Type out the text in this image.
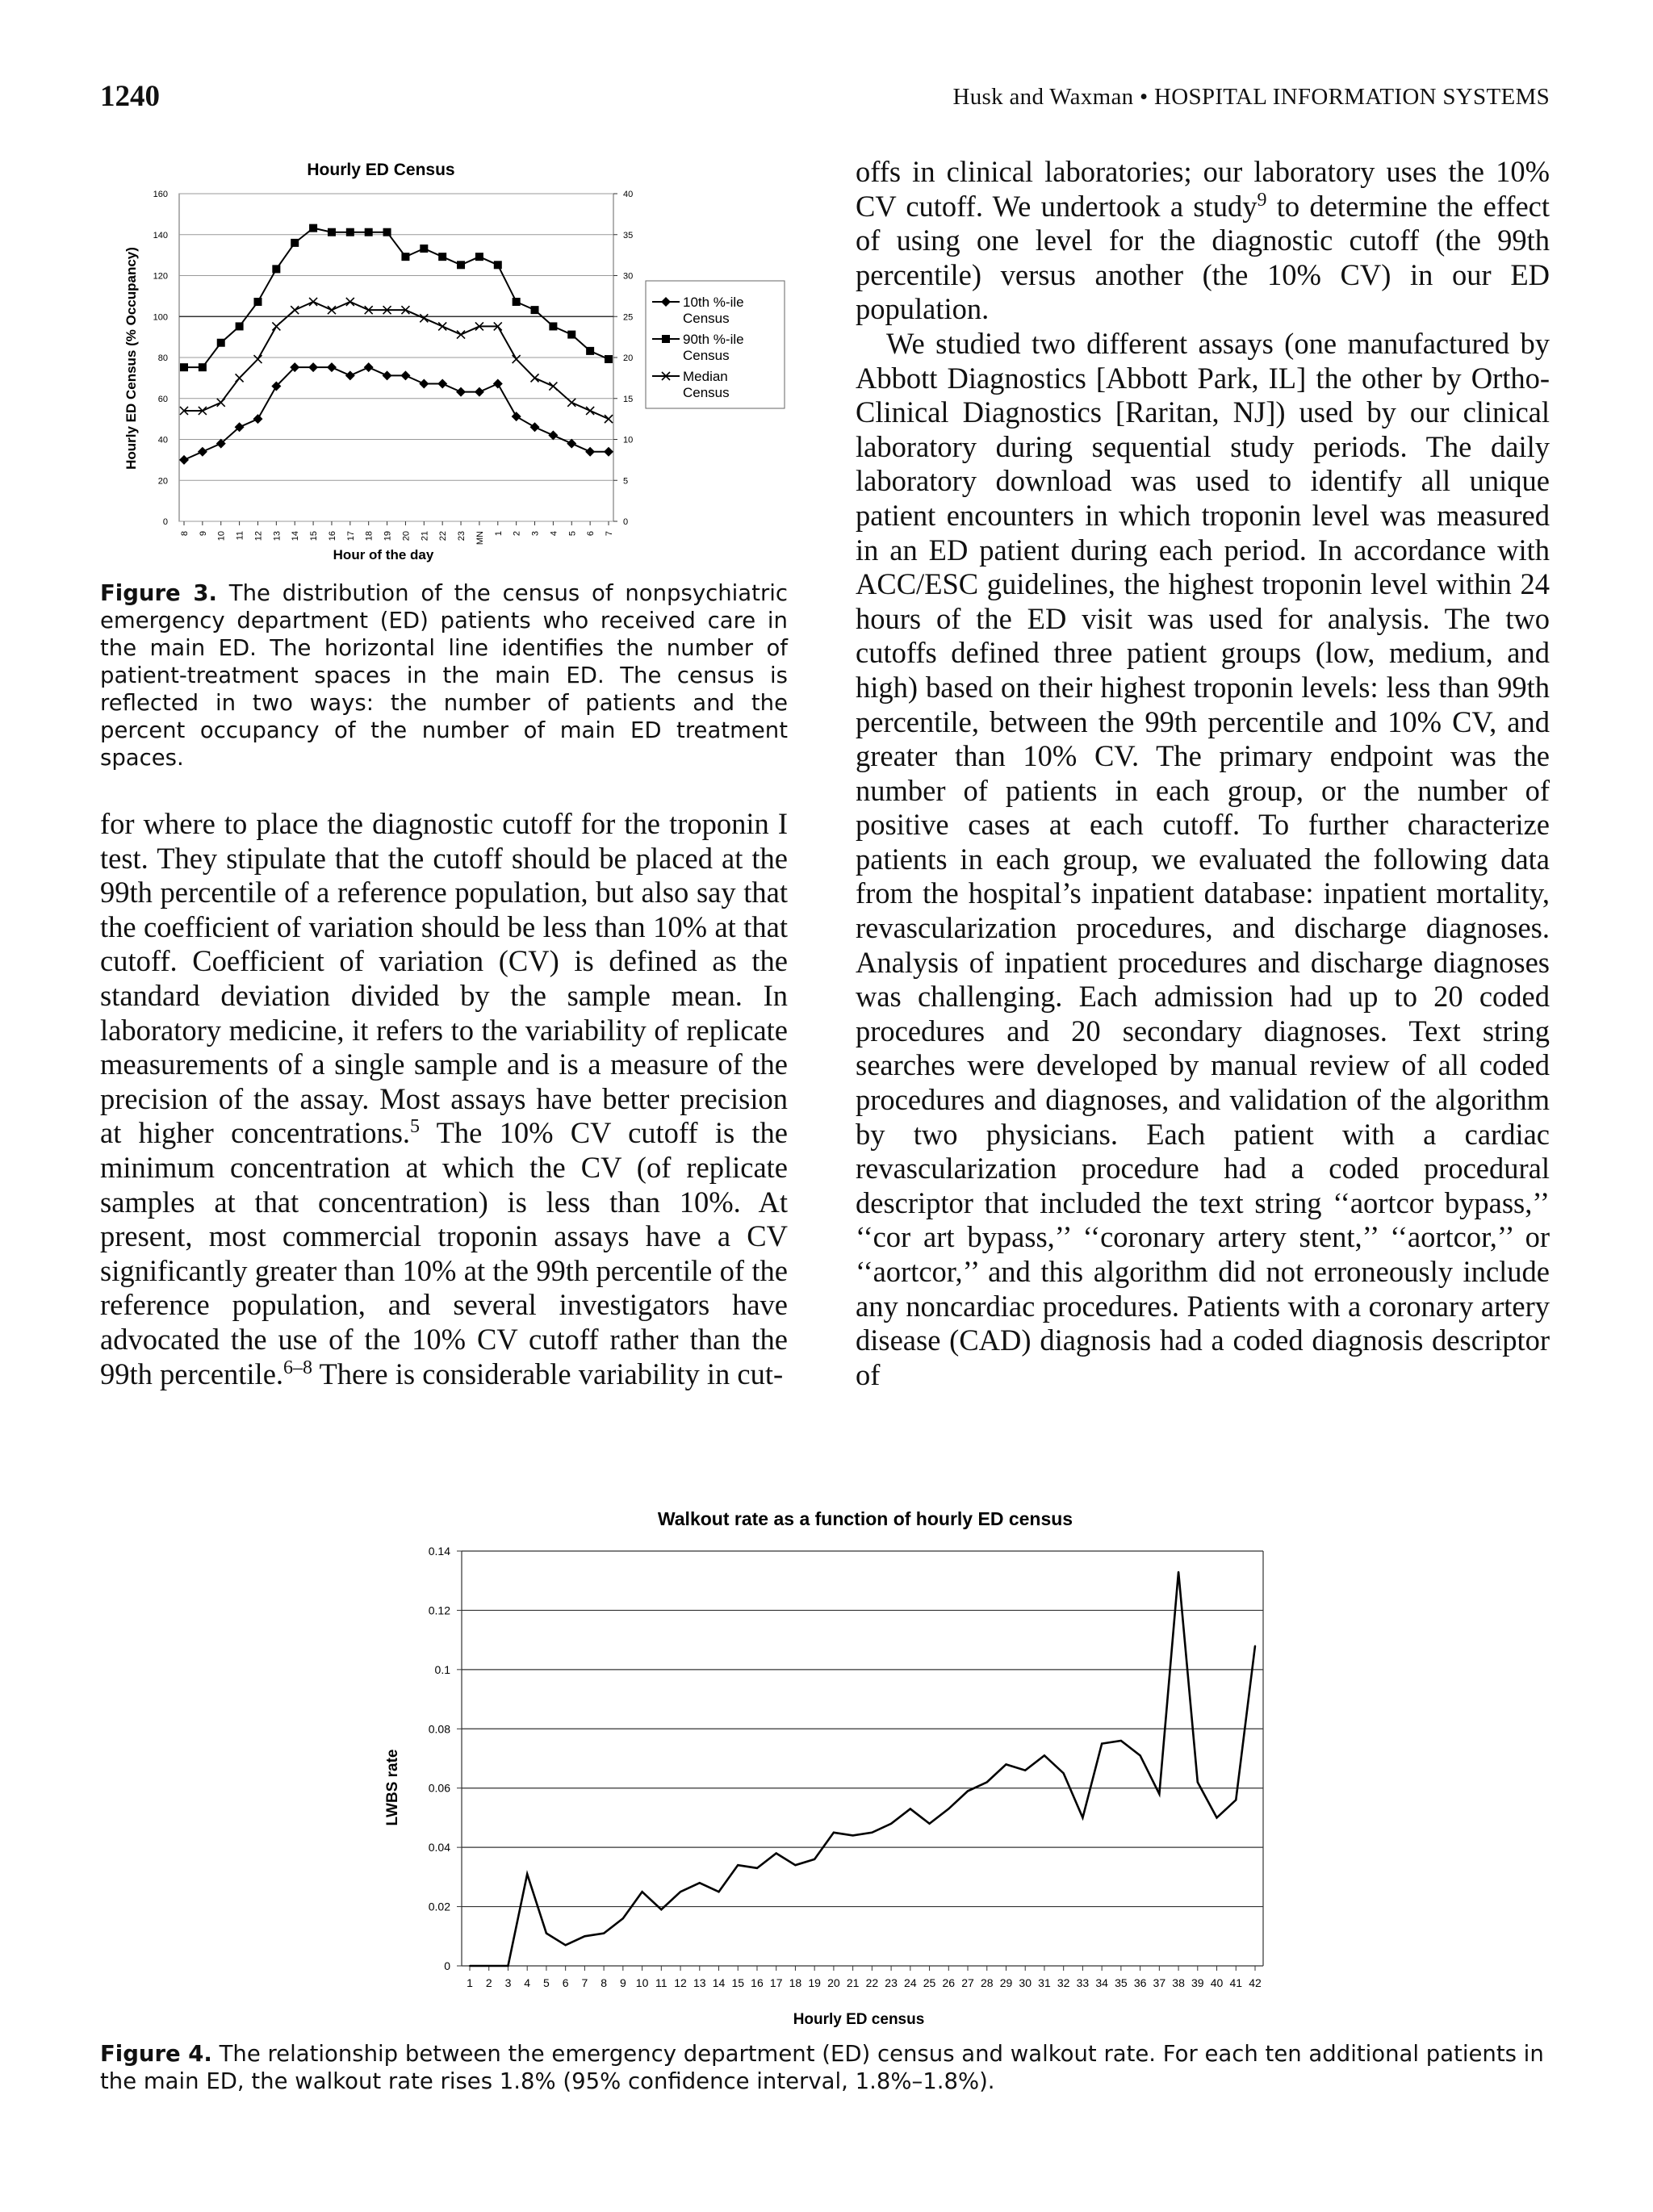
1240	Husk and Waxman • HOSPITAL INFORMATION SYSTEMS
0
20
40
60
80
100
120
140
160
0
5
10
15
20
25
30
35
40
8 9 10 11 12 13 14 15 16 17 18 19 20 21 22 23 MN 1 2 3 4 5 6 7
10th %-ile
Census
90th %-ile
Census
Median
Census
Hourly ED Census
Hour of the day
Hourly ED Census (% Occupancy)
Figure 3. The distribution of the census of nonpsychiatric emergency department (ED) patients who received care in the main ED. The horizontal line identifies the number of patient-treatment spaces in the main ED. The census is reflected in two ways: the number of patients and the percent occupancy of the number of main ED treatment spaces.

for where to place the diagnostic cutoff for the troponin I test. They stipulate that the cutoff should be placed at the 99th percentile of a reference population, but also say that the coefficient of variation should be less than 10% at that cutoff. Coefficient of variation (CV) is defined as the standard deviation divided by the sample mean. In laboratory medicine, it refers to the variability of replicate measurements of a single sample and is a measure of the precision of the assay. Most assays have better precision at higher concentrations.$^5$ The 10% CV cutoff is the minimum concentration at which the CV (of replicate samples at that concentration) is less than 10%. At present, most commercial troponin assays have a CV significantly greater than 10% at the 99th percentile of the reference population, and several investigators have advocated the use of the 10% CV cutoff rather than the 99th percentile.$^{6-8}$ There is considerable variability in cut-

offs in clinical laboratories; our laboratory uses the 10% CV cutoff. We undertook a study$^9$ to determine the effect of using one level for the diagnostic cutoff (the 99th percentile) versus another (the 10% CV) in our ED population.

We studied two different assays (one manufactured by Abbott Diagnostics [Abbott Park, IL] the other by Ortho-Clinical Diagnostics [Raritan, NJ]) used by our clinical laboratory during sequential study periods. The daily laboratory download was used to identify all unique patient encounters in which troponin level was measured in an ED patient during each period. In accordance with ACC/ESC guidelines, the highest troponin level within 24 hours of the ED visit was used for analysis. The two cutoffs defined three patient groups (low, medium, and high) based on their highest troponin levels: less than 99th percentile, between the 99th percentile and 10% CV, and greater than 10% CV. The primary endpoint was the number of patients in each group, or the number of positive cases at each cutoff. To further characterize patients in each group, we evaluated the following data from the hospital’s inpatient database: inpatient mortality, revascularization procedures, and discharge diagnoses. Analysis of inpatient procedures and discharge diagnoses was challenging. Each admission had up to 20 coded procedures and 20 secondary diagnoses. Text string searches were developed by manual review of all coded procedures and diagnoses, and validation of the algorithm by two physicians. Each patient with a cardiac revascularization procedure had a coded procedural descriptor that included the text string ‘‘aortcor bypass,’’ ‘‘cor art bypass,’’ ‘‘coronary artery stent,’’ ‘‘aortcor,’’ or ‘‘aortcor,’’ and this algorithm did not erroneously include any noncardiac procedures. Patients with a coronary artery disease (CAD) diagnosis had a coded diagnosis descriptor of

0
0.02
0.04
0.06
0.08
0.1
0.12
0.14
1 2 3 4 5 6 7 8 9 10 11 12 13 14 15 16 17 18 19 20 21 22 23 24 25 26 27 28 29 30 31 32 33 34 35 36 37 38 39 40 41 42
Walkout rate as a function of hourly ED census
Hourly ED census
LWBS rate
Figure 4. The relationship between the emergency department (ED) census and walkout rate. For each ten additional patients in the main ED, the walkout rate rises 1.8% (95% confidence interval, 1.8%–1.8%).
